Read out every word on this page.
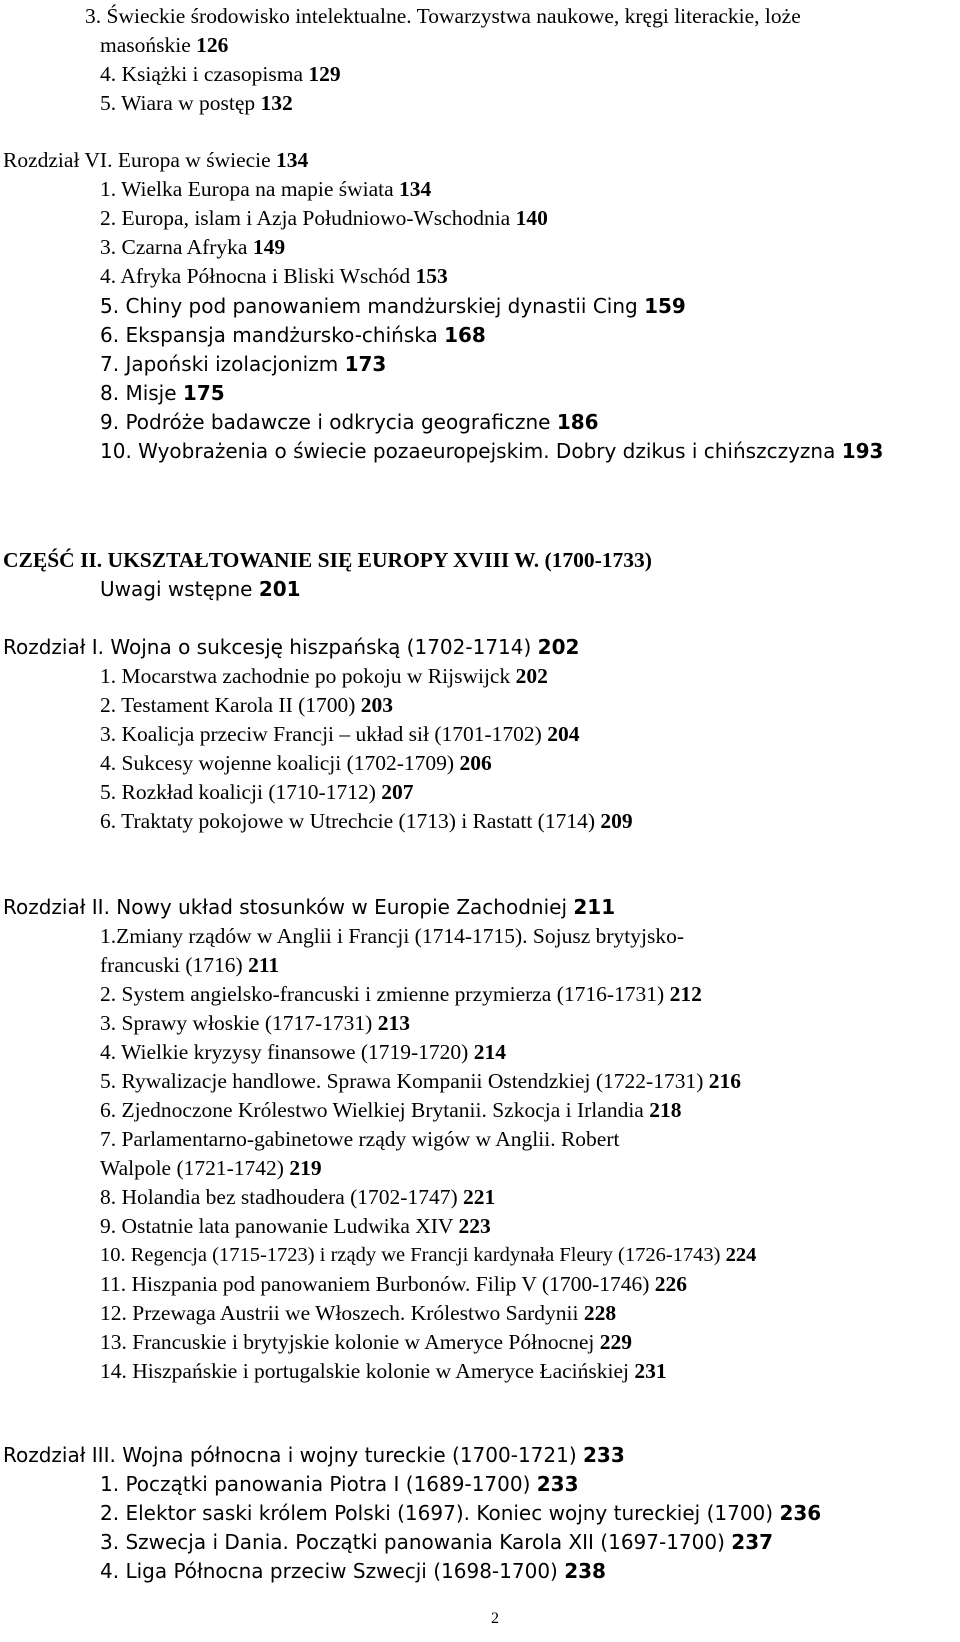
3. Świeckie środowisko intelektualne. Towarzystwa naukowe, kręgi literackie, loże
masońskie 126
4. Książki i czasopisma 129
5. Wiara w postęp 132
Rozdział VI. Europa w świecie 134
1. Wielka Europa na mapie świata 134
2. Europa, islam i Azja Południowo-Wschodnia 140
3. Czarna Afryka 149
4. Afryka Północna i Bliski Wschód 153
5. Chiny pod panowaniem mandżurskiej dynastii Cing 159
6. Ekspansja mandżursko-chińska 168
7. Japoński izolacjonizm 173
8. Misje 175
9. Podróże badawcze i odkrycia geograficzne 186
10. Wyobrażenia o świecie pozaeuropejskim. Dobry dzikus i chińszczyzna 193
CZĘŚĆ II. UKSZTAŁTOWANIE SIĘ EUROPY XVIII W. (1700-1733)
Uwagi wstępne 201
Rozdział I. Wojna o sukcesję hiszpańską (1702-1714) 202
1. Mocarstwa zachodnie po pokoju w Rijswijck 202
2. Testament Karola II (1700) 203
3. Koalicja przeciw Francji – układ sił (1701-1702) 204
4. Sukcesy wojenne koalicji (1702-1709) 206
5. Rozkład koalicji (1710-1712) 207
6. Traktaty pokojowe w Utrechcie (1713) i Rastatt (1714) 209
Rozdział II. Nowy układ stosunków w Europie Zachodniej 211
1.Zmiany rządów w Anglii i Francji (1714-1715). Sojusz brytyjsko-
francuski (1716) 211
2. System angielsko-francuski i zmienne przymierza (1716-1731) 212
3. Sprawy włoskie (1717-1731) 213
4. Wielkie kryzysy finansowe (1719-1720) 214
5. Rywalizacje handlowe. Sprawa Kompanii Ostendzkiej (1722-1731) 216
6. Zjednoczone Królestwo Wielkiej Brytanii. Szkocja i Irlandia 218
7. Parlamentarno-gabinetowe rządy wigów w Anglii. Robert
Walpole (1721-1742) 219
8. Holandia bez stadhoudera (1702-1747) 221
9. Ostatnie lata panowanie Ludwika XIV 223
10. Regencja (1715-1723) i rządy we Francji kardynała Fleury (1726-1743) 224
11. Hiszpania pod panowaniem Burbonów. Filip V (1700-1746) 226
12. Przewaga Austrii we Włoszech. Królestwo Sardynii 228
13. Francuskie i brytyjskie kolonie w Ameryce Północnej 229
14. Hiszpańskie i portugalskie kolonie w Ameryce Łacińskiej 231
Rozdział III. Wojna północna i wojny tureckie (1700-1721) 233
1. Początki panowania Piotra I (1689-1700) 233
2. Elektor saski królem Polski (1697). Koniec wojny tureckiej (1700) 236
3. Szwecja i Dania. Początki panowania Karola XII (1697-1700) 237
4. Liga Północna przeciw Szwecji (1698-1700) 238
2
